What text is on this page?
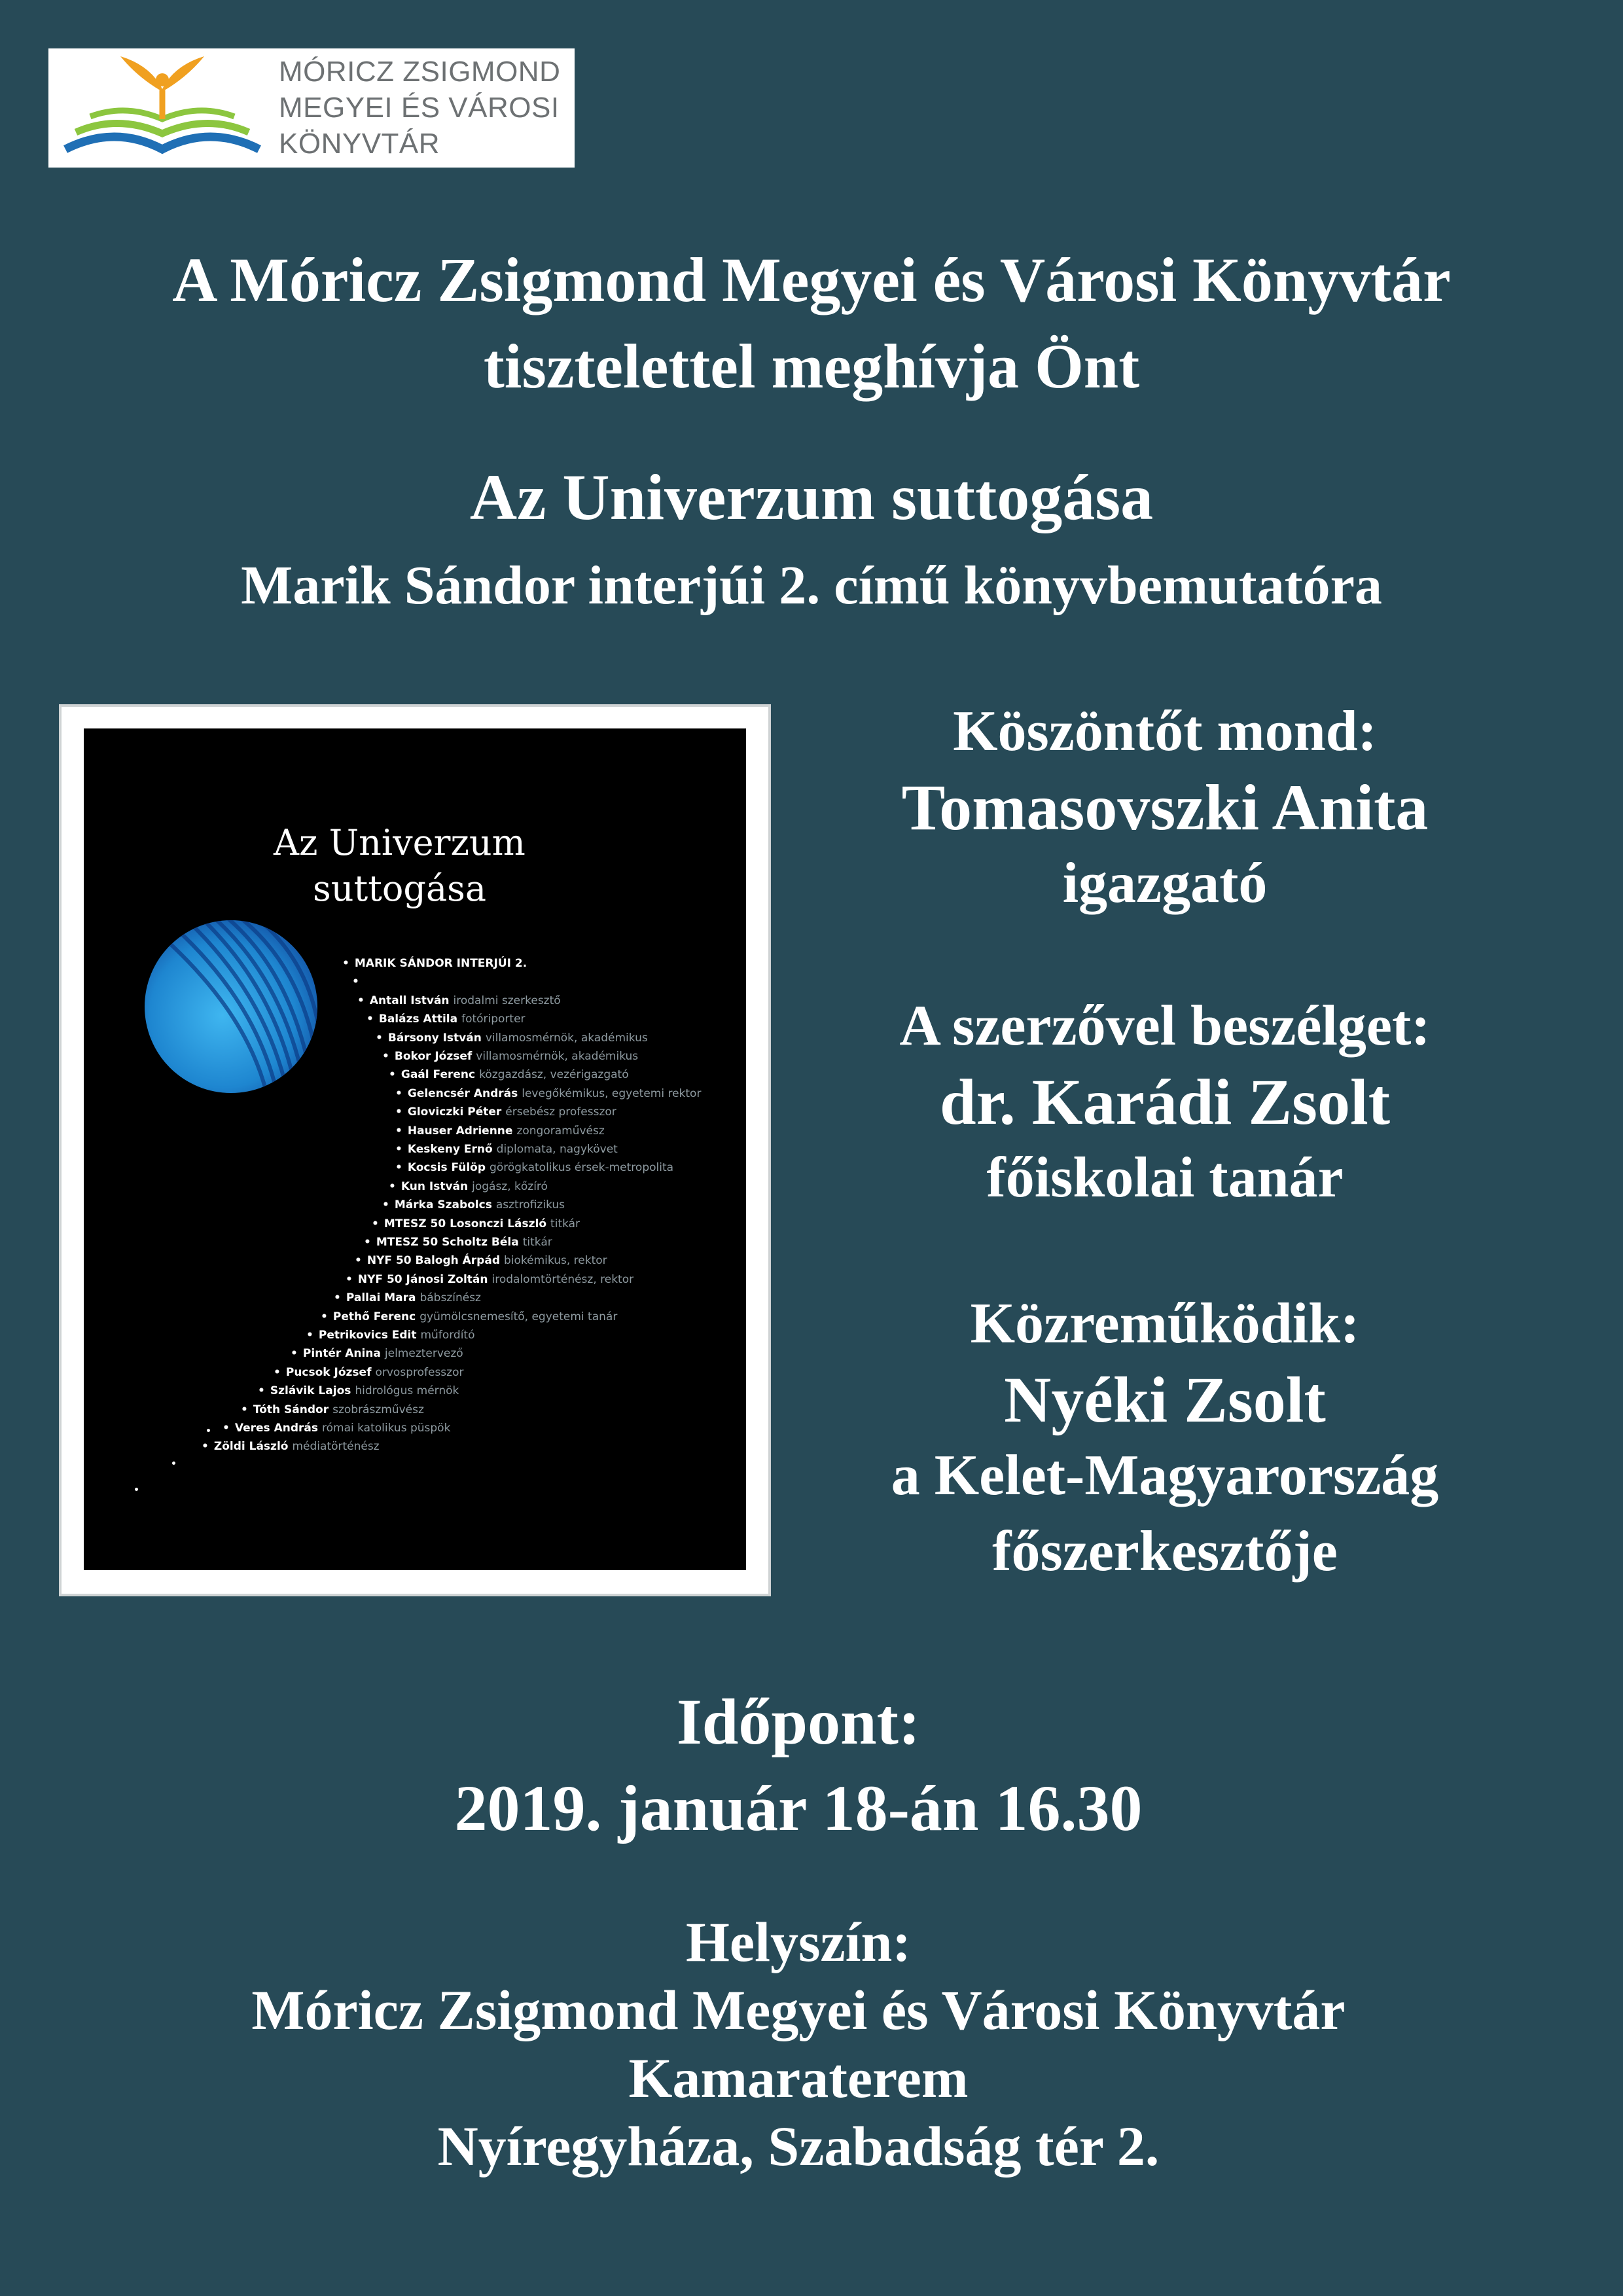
MÓRICZ ZSIGMOND
MEGYEI ÉS VÁROSI
KÖNYVTÁR
A Móricz Zsigmond Megyei és Városi Könyvtár
tisztelettel meghívja Önt
Az Univerzum suttogása
Marik Sándor interjúi 2. című könyvbemutatóra
Az Univerzum
suttogása
• MARIK SÁNDOR INTERJÚI 2.
•
• Antall István irodalmi szerkesztő
• Balázs Attila fotóriporter
• Bársony István villamosmérnök, akadémikus
• Bokor József villamosmérnök, akadémikus
• Gaál Ferenc közgazdász, vezérigazgató
• Gelencsér András levegőkémikus, egyetemi rektor
• Gloviczki Péter érsebész professzor
• Hauser Adrienne zongoraművész
• Keskeny Ernő diplomata, nagykövet
• Kocsis Fülöp görögkatolikus érsek-metropolita
• Kun István jogász, kőzíró
• Márka Szabolcs asztrofizikus
• MTESZ 50 Losonczi László titkár
• MTESZ 50 Scholtz Béla titkár
• NYF 50 Balogh Árpád biokémikus, rektor
• NYF 50 Jánosi Zoltán irodalomtörténész, rektor
• Pallai Mara bábszínész
• Pethő Ferenc gyümölcsnemesítő, egyetemi tanár
• Petrikovics Edit műfordító
• Pintér Anina jelmeztervező
• Pucsok József orvosprofesszor
• Szlávik Lajos hidrológus mérnök
• Tóth Sándor szobrászművész
• Veres András római katolikus püspök
• Zöldi László médiatörténész
Köszöntőt mond:
Tomasovszki Anita
igazgató
A szerzővel beszélget:
dr. Karádi Zsolt
főiskolai tanár
Közreműködik:
Nyéki Zsolt
a Kelet-Magyarország
főszerkesztője
Időpont:
2019. január 18-án 16.30
Helyszín:
Móricz Zsigmond Megyei és Városi Könyvtár
Kamaraterem
Nyíregyháza, Szabadság tér 2.
